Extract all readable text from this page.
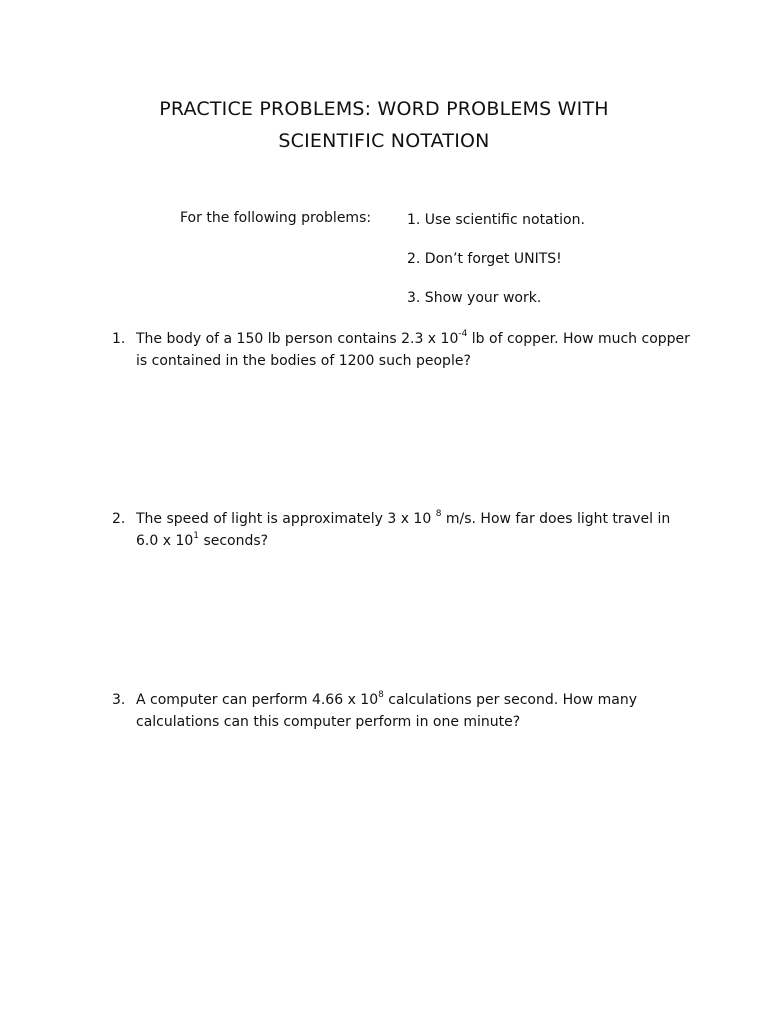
PRACTICE PROBLEMS: WORD PROBLEMS WITH
SCIENTIFIC NOTATION
For the following problems:	1. Use scientific notation.
2. Don’t forget UNITS!
3. Show your work.
1. The body of a 150 lb person contains 2.3 x $10^{-4}$ lb of copper. How much copper is contained in the bodies of 1200 such people?
2. The speed of light is approximately 3 x 10 $^8$ m/s. How far does light travel in 6.0 x $10^1$ seconds?
3. A computer can perform 4.66 x $10^8$ calculations per second. How many calculations can this computer perform in one minute?
